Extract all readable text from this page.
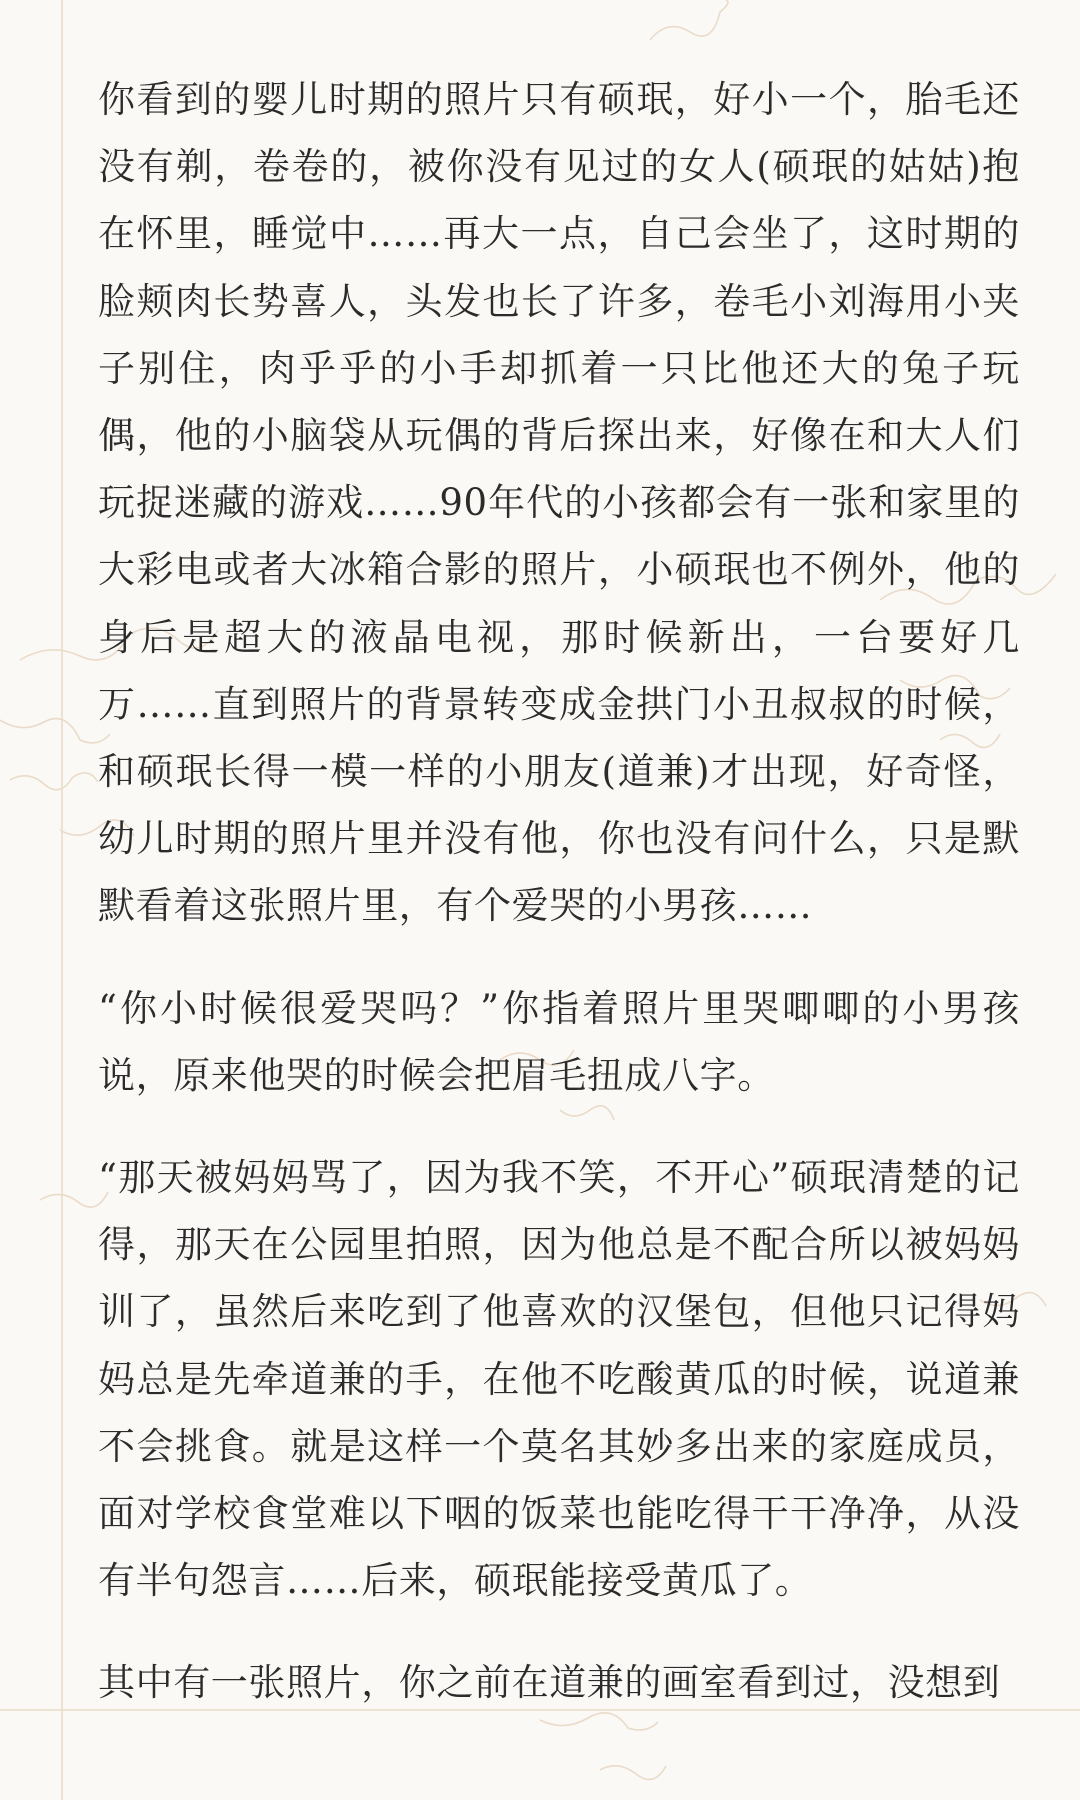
你看到的婴儿时期的照片只有硕珉，好小一个，胎毛还没有剃，卷卷的，被你没有见过的女人(硕珉的姑姑)抱在怀里，睡觉中……再大一点，自己会坐了，这时期的脸颊肉长势喜人，头发也长了许多，卷毛小刘海用小夹子别住，肉乎乎的小手却抓着一只比他还大的兔子玩偶，他的小脑袋从玩偶的背后探出来，好像在和大人们玩捉迷藏的游戏……90年代的小孩都会有一张和家里的大彩电或者大冰箱合影的照片，小硕珉也不例外，他的身后是超大的液晶电视，那时候新出，一台要好几万……直到照片的背景转变成金拱门小丑叔叔的时候，和硕珉长得一模一样的小朋友(道兼)才出现，好奇怪，幼儿时期的照片里并没有他，你也没有问什么，只是默默看着这张照片里，有个爱哭的小男孩……

“你小时候很爱哭吗？”你指着照片里哭唧唧的小男孩说，原来他哭的时候会把眉毛扭成八字。

“那天被妈妈骂了，因为我不笑，不开心”硕珉清楚的记得，那天在公园里拍照，因为他总是不配合所以被妈妈训了，虽然后来吃到了他喜欢的汉堡包，但他只记得妈妈总是先牵道兼的手，在他不吃酸黄瓜的时候，说道兼不会挑食。就是这样一个莫名其妙多出来的家庭成员，面对学校食堂难以下咽的饭菜也能吃得干干净净，从没有半句怨言……后来，硕珉能接受黄瓜了。

其中有一张照片，你之前在道兼的画室看到过，没想到
